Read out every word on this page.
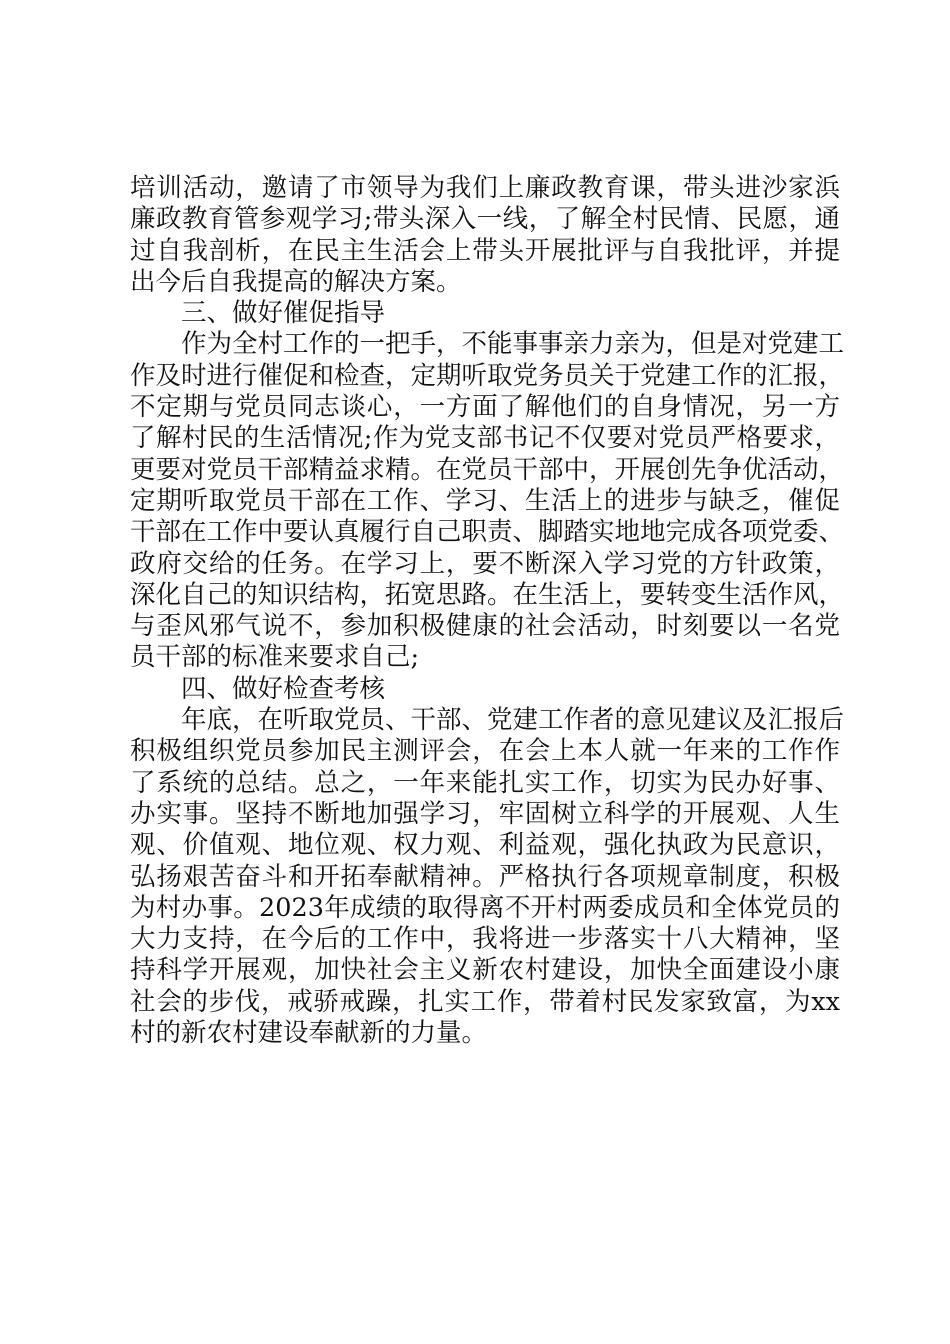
培训活动，邀请了市领导为我们上廉政教育课，带头进沙家浜
廉政教育管参观学习;带头深入一线，了解全村民情、民愿，通
过自我剖析，在民主生活会上带头开展批评与自我批评，并提
出今后自我提高的解决方案。
三、做好催促指导
作为全村工作的一把手，不能事事亲力亲为，但是对党建工
作及时进行催促和检查，定期听取党务员关于党建工作的汇报，
不定期与党员同志谈心，一方面了解他们的自身情况，另一方
了解村民的生活情况;作为党支部书记不仅要对党员严格要求，
更要对党员干部精益求精。在党员干部中，开展创先争优活动，
定期听取党员干部在工作、学习、生活上的进步与缺乏，催促
干部在工作中要认真履行自己职责、脚踏实地地完成各项党委、
政府交给的任务。在学习上，要不断深入学习党的方针政策，
深化自己的知识结构，拓宽思路。在生活上，要转变生活作风，
与歪风邪气说不，参加积极健康的社会活动，时刻要以一名党
员干部的标准来要求自己;
四、做好检查考核
年底，在听取党员、干部、党建工作者的意见建议及汇报后
积极组织党员参加民主测评会，在会上本人就一年来的工作作
了系统的总结。总之，一年来能扎实工作，切实为民办好事、
办实事。坚持不断地加强学习，牢固树立科学的开展观、人生
观、价值观、地位观、权力观、利益观，强化执政为民意识，
弘扬艰苦奋斗和开拓奉献精神。严格执行各项规章制度，积极
为村办事。2023年成绩的取得离不开村两委成员和全体党员的
大力支持，在今后的工作中，我将进一步落实十八大精神，坚
持科学开展观，加快社会主义新农村建设，加快全面建设小康
社会的步伐，戒骄戒躁，扎实工作，带着村民发家致富，为xx
村的新农村建设奉献新的力量。
